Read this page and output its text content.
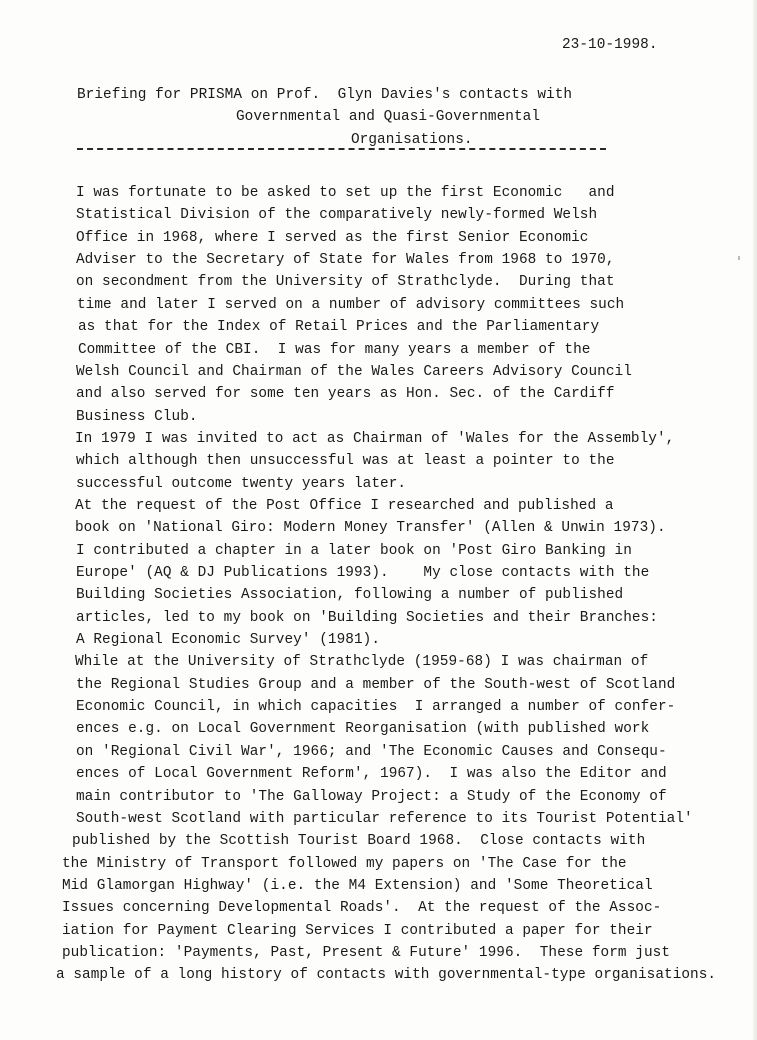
23-10-1998.
Briefing for PRISMA on Prof.  Glyn Davies's contacts with
Governmental and Quasi-Governmental
Organisations.
I was fortunate to be asked to set up the first Economic   and
Statistical Division of the comparatively newly-formed Welsh
Office in 1968, where I served as the first Senior Economic
Adviser to the Secretary of State for Wales from 1968 to 1970,
on secondment from the University of Strathclyde.  During that
time and later I served on a number of advisory committees such
as that for the Index of Retail Prices and the Parliamentary
Committee of the CBI.  I was for many years a member of the
Welsh Council and Chairman of the Wales Careers Advisory Council
and also served for some ten years as Hon. Sec. of the Cardiff
Business Club.
In 1979 I was invited to act as Chairman of 'Wales for the Assembly',
which although then unsuccessful was at least a pointer to the
successful outcome twenty years later.
At the request of the Post Office I researched and published a
book on 'National Giro: Modern Money Transfer' (Allen & Unwin 1973).
I contributed a chapter in a later book on 'Post Giro Banking in
Europe' (AQ & DJ Publications 1993).    My close contacts with the
Building Societies Association, following a number of published
articles, led to my book on 'Building Societies and their Branches:
A Regional Economic Survey' (1981).
While at the University of Strathclyde (1959-68) I was chairman of
the Regional Studies Group and a member of the South-west of Scotland
Economic Council, in which capacities  I arranged a number of confer-
ences e.g. on Local Government Reorganisation (with published work
on 'Regional Civil War', 1966; and 'The Economic Causes and Consequ-
ences of Local Government Reform', 1967).  I was also the Editor and
main contributor to 'The Galloway Project: a Study of the Economy of
South-west Scotland with particular reference to its Tourist Potential'
published by the Scottish Tourist Board 1968.  Close contacts with
the Ministry of Transport followed my papers on 'The Case for the
Mid Glamorgan Highway' (i.e. the M4 Extension) and 'Some Theoretical
Issues concerning Developmental Roads'.  At the request of the Assoc-
iation for Payment Clearing Services I contributed a paper for their
publication: 'Payments, Past, Present & Future' 1996.  These form just
a sample of a long history of contacts with governmental-type organisations.
